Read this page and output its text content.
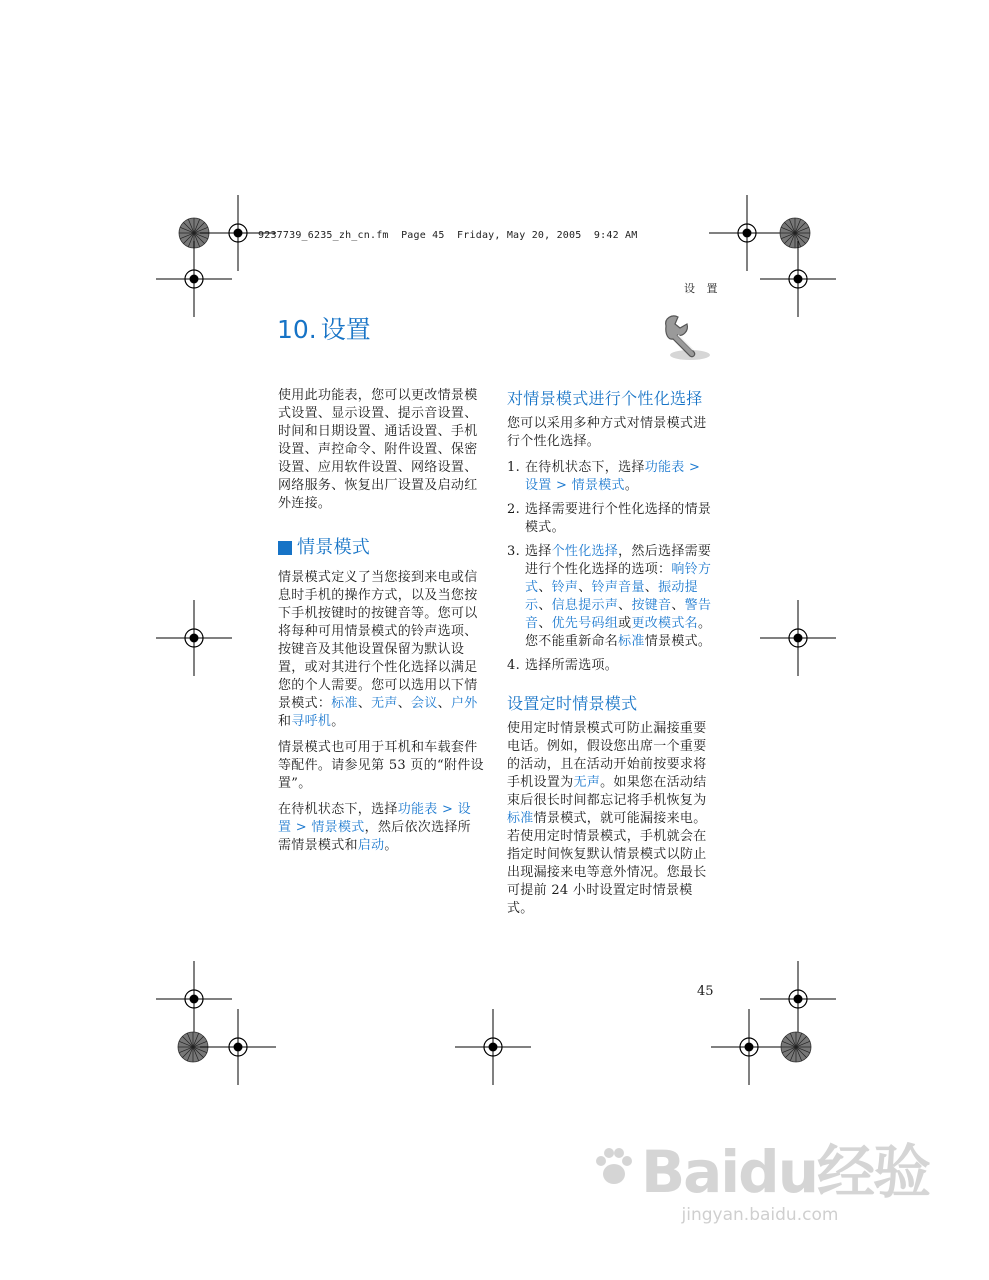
9237739_6235_zh_cn.fm  Page 45  Friday, May 20, 2005  9:42 AM
设 置
10. 设置

使用此功能表，您可以更改情景模式设置、显示设置、提示音设置、时间和日期设置、通话设置、手机设置、声控命令、附件设置、保密设置、应用软件设置、网络设置、网络服务、恢复出厂设置及启动红外连接。

情景模式

情景模式定义了当您接到来电或信息时手机的操作方式，以及当您按下手机按键时的按键音等。您可以将每种可用情景模式的铃声选项、按键音及其他设置保留为默认设置，或对其进行个性化选择以满足您的个人需要。您可以选用以下情景模式：标准、无声、会议、户外和寻呼机。

情景模式也可用于耳机和车载套件等配件。请参见第 53 页的“附件设置”。

在待机状态下，选择功能表 > 设置 > 情景模式，然后依次选择所需情景模式和启动。

对情景模式进行个性化选择

您可以采用多种方式对情景模式进行个性化选择。

1. 在待机状态下，选择功能表 > 设置 > 情景模式。
2. 选择需要进行个性化选择的情景模式。
3. 选择个性化选择，然后选择需要进行个性化选择的选项：响铃方式、铃声、铃声音量、振动提示、信息提示声、按键音、警告音、优先号码组或更改模式名。您不能重新命名标准情景模式。
4. 选择所需选项。
设置定时情景模式

使用定时情景模式可防止漏接重要电话。例如，假设您出席一个重要的活动，且在活动开始前按要求将手机设置为无声。如果您在活动结束后很长时间都忘记将手机恢复为标准情景模式，就可能漏接来电。若使用定时情景模式，手机就会在指定时间恢复默认情景模式以防止出现漏接来电等意外情况。您最长可提前 24 小时设置定时情景模式。

45
Baidu经验
jingyan.baidu.com
